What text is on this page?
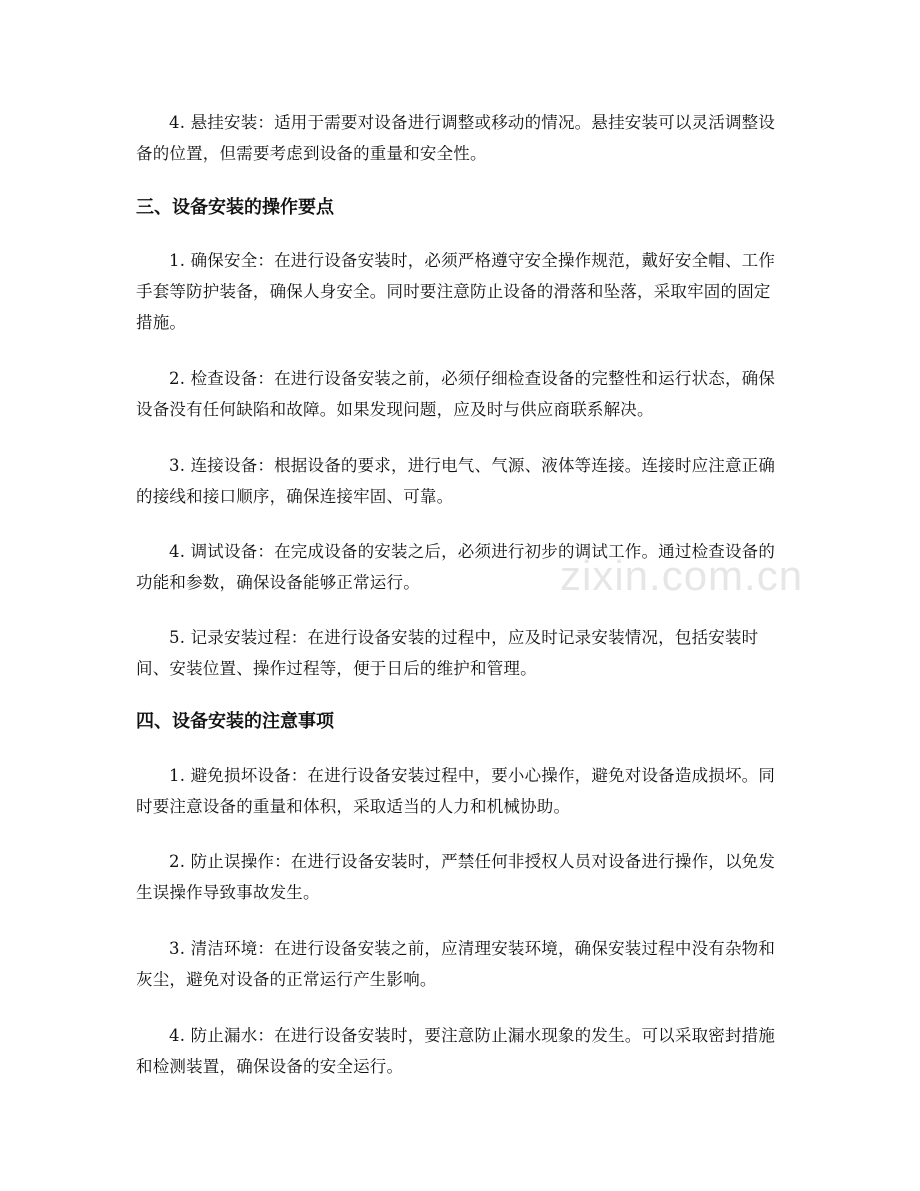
4. 悬挂安装：适用于需要对设备进行调整或移动的情况。悬挂安装可以灵活调整设备的位置，但需要考虑到设备的重量和安全性。

三、设备安装的操作要点

1. 确保安全：在进行设备安装时，必须严格遵守安全操作规范，戴好安全帽、工作手套等防护装备，确保人身安全。同时要注意防止设备的滑落和坠落，采取牢固的固定措施。

2. 检查设备：在进行设备安装之前，必须仔细检查设备的完整性和运行状态，确保设备没有任何缺陷和故障。如果发现问题，应及时与供应商联系解决。

3. 连接设备：根据设备的要求，进行电气、气源、液体等连接。连接时应注意正确的接线和接口顺序，确保连接牢固、可靠。

4. 调试设备：在完成设备的安装之后，必须进行初步的调试工作。通过检查设备的功能和参数，确保设备能够正常运行。

5. 记录安装过程：在进行设备安装的过程中，应及时记录安装情况，包括安装时间、安装位置、操作过程等，便于日后的维护和管理。

四、设备安装的注意事项

1. 避免损坏设备：在进行设备安装过程中，要小心操作，避免对设备造成损坏。同时要注意设备的重量和体积，采取适当的人力和机械协助。

2. 防止误操作：在进行设备安装时，严禁任何非授权人员对设备进行操作，以免发生误操作导致事故发生。

3. 清洁环境：在进行设备安装之前，应清理安装环境，确保安装过程中没有杂物和灰尘，避免对设备的正常运行产生影响。

4. 防止漏水：在进行设备安装时，要注意防止漏水现象的发生。可以采取密封措施和检测装置，确保设备的安全运行。

zixin.com.cn
